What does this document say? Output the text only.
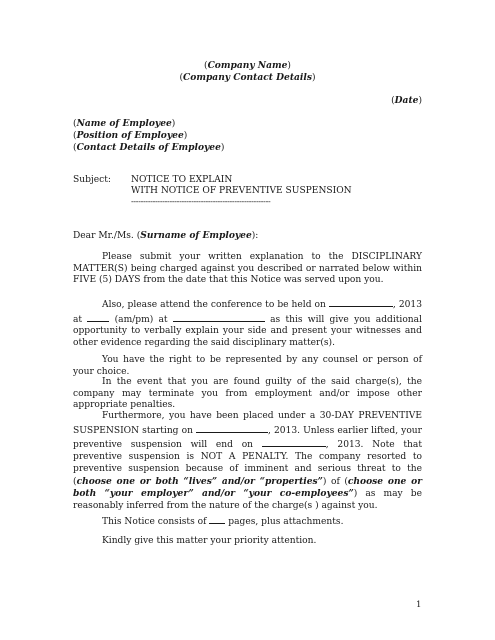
(Company Name)
(Company Contact Details)
(Date)
(Name of Employee)
(Position of Employee)
(Contact Details of Employee)
Subject: NOTICE TO EXPLAIN
WITH NOTICE OF PREVENTIVE SUSPENSION
----------------------------------------------------------
Dear Mr./Ms. (Surname of Employee):
Please submit your written explanation to the DISCIPLINARY MATTER(S) being charged against you described or narrated below within FIVE (5) DAYS from the date that this Notice was served upon you.
Also, please attend the conference to be held on	, 2013 at  (am/pm) at	as this will give you additional opportunity to verbally explain your side and present your witnesses and other evidence regarding the said disciplinary matter(s).
You have the right to be represented by any counsel or person of your choice.
In the event that you are found guilty of the said charge(s), the company may terminate you from employment and/or impose other appropriate penalties.
Furthermore, you have been placed under a 30-DAY PREVENTIVE SUSPENSION starting on	, 2013. Unless earlier lifted, your preventive suspension will end on	, 2013. Note that preventive suspension is NOT A PENALTY. The company resorted to preventive suspension because of imminent and serious threat to the (choose one or both “lives” and/or “properties”) of (choose one or both “your employer” and/or “your co-employees”) as may be reasonably inferred from the nature of the charge(s ) against you.
This Notice consists of  pages, plus attachments.
Kindly give this matter your priority attention.
1
